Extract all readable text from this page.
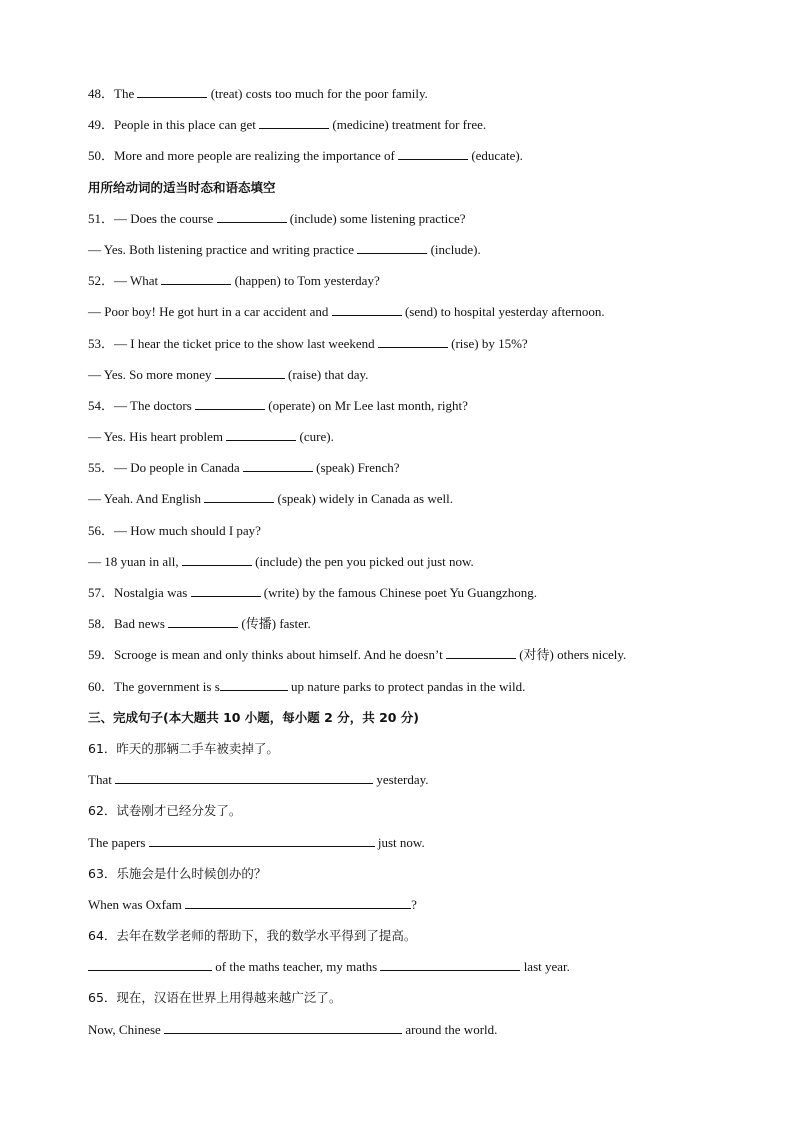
48．The	(treat) costs too much for the poor family.
49．People in this place can get	(medicine) treatment for free.
50．More and more people are realizing the importance of	(educate).
用所给动词的适当时态和语态填空
51．— Does the course	(include) some listening practice?
— Yes. Both listening practice and writing practice	(include).
52．— What	(happen) to Tom yesterday?
— Poor boy! He got hurt in a car accident and	(send) to hospital yesterday afternoon.
53．— I hear the ticket price to the show last weekend	(rise) by 15%?
— Yes. So more money	(raise) that day.
54．— The doctors	(operate) on Mr Lee last month, right?
— Yes. His heart problem	(cure).
55．— Do people in Canada	(speak) French?
— Yeah. And English	(speak) widely in Canada as well.
56．— How much should I pay?
— 18 yuan in all,	(include) the pen you picked out just now.
57．Nostalgia was	(write) by the famous Chinese poet Yu Guangzhong.
58．Bad news	(传播) faster.
59．Scrooge is mean and only thinks about himself. And he doesn’t	(对待) others nicely.
60．The government is s	up nature parks to protect pandas in the wild.
三、完成句子(本大题共 10 小题，每小题 2 分，共 20 分)
61．昨天的那辆二手车被卖掉了。
That	yesterday.
62．试卷刚才已经分发了。
The papers	just now.
63．乐施会是什么时候创办的？
When was Oxfam	?
64．去年在数学老师的帮助下，我的数学水平得到了提高。
of the maths teacher, my maths	last year.
65．现在，汉语在世界上用得越来越广泛了。
Now, Chinese	around the world.
